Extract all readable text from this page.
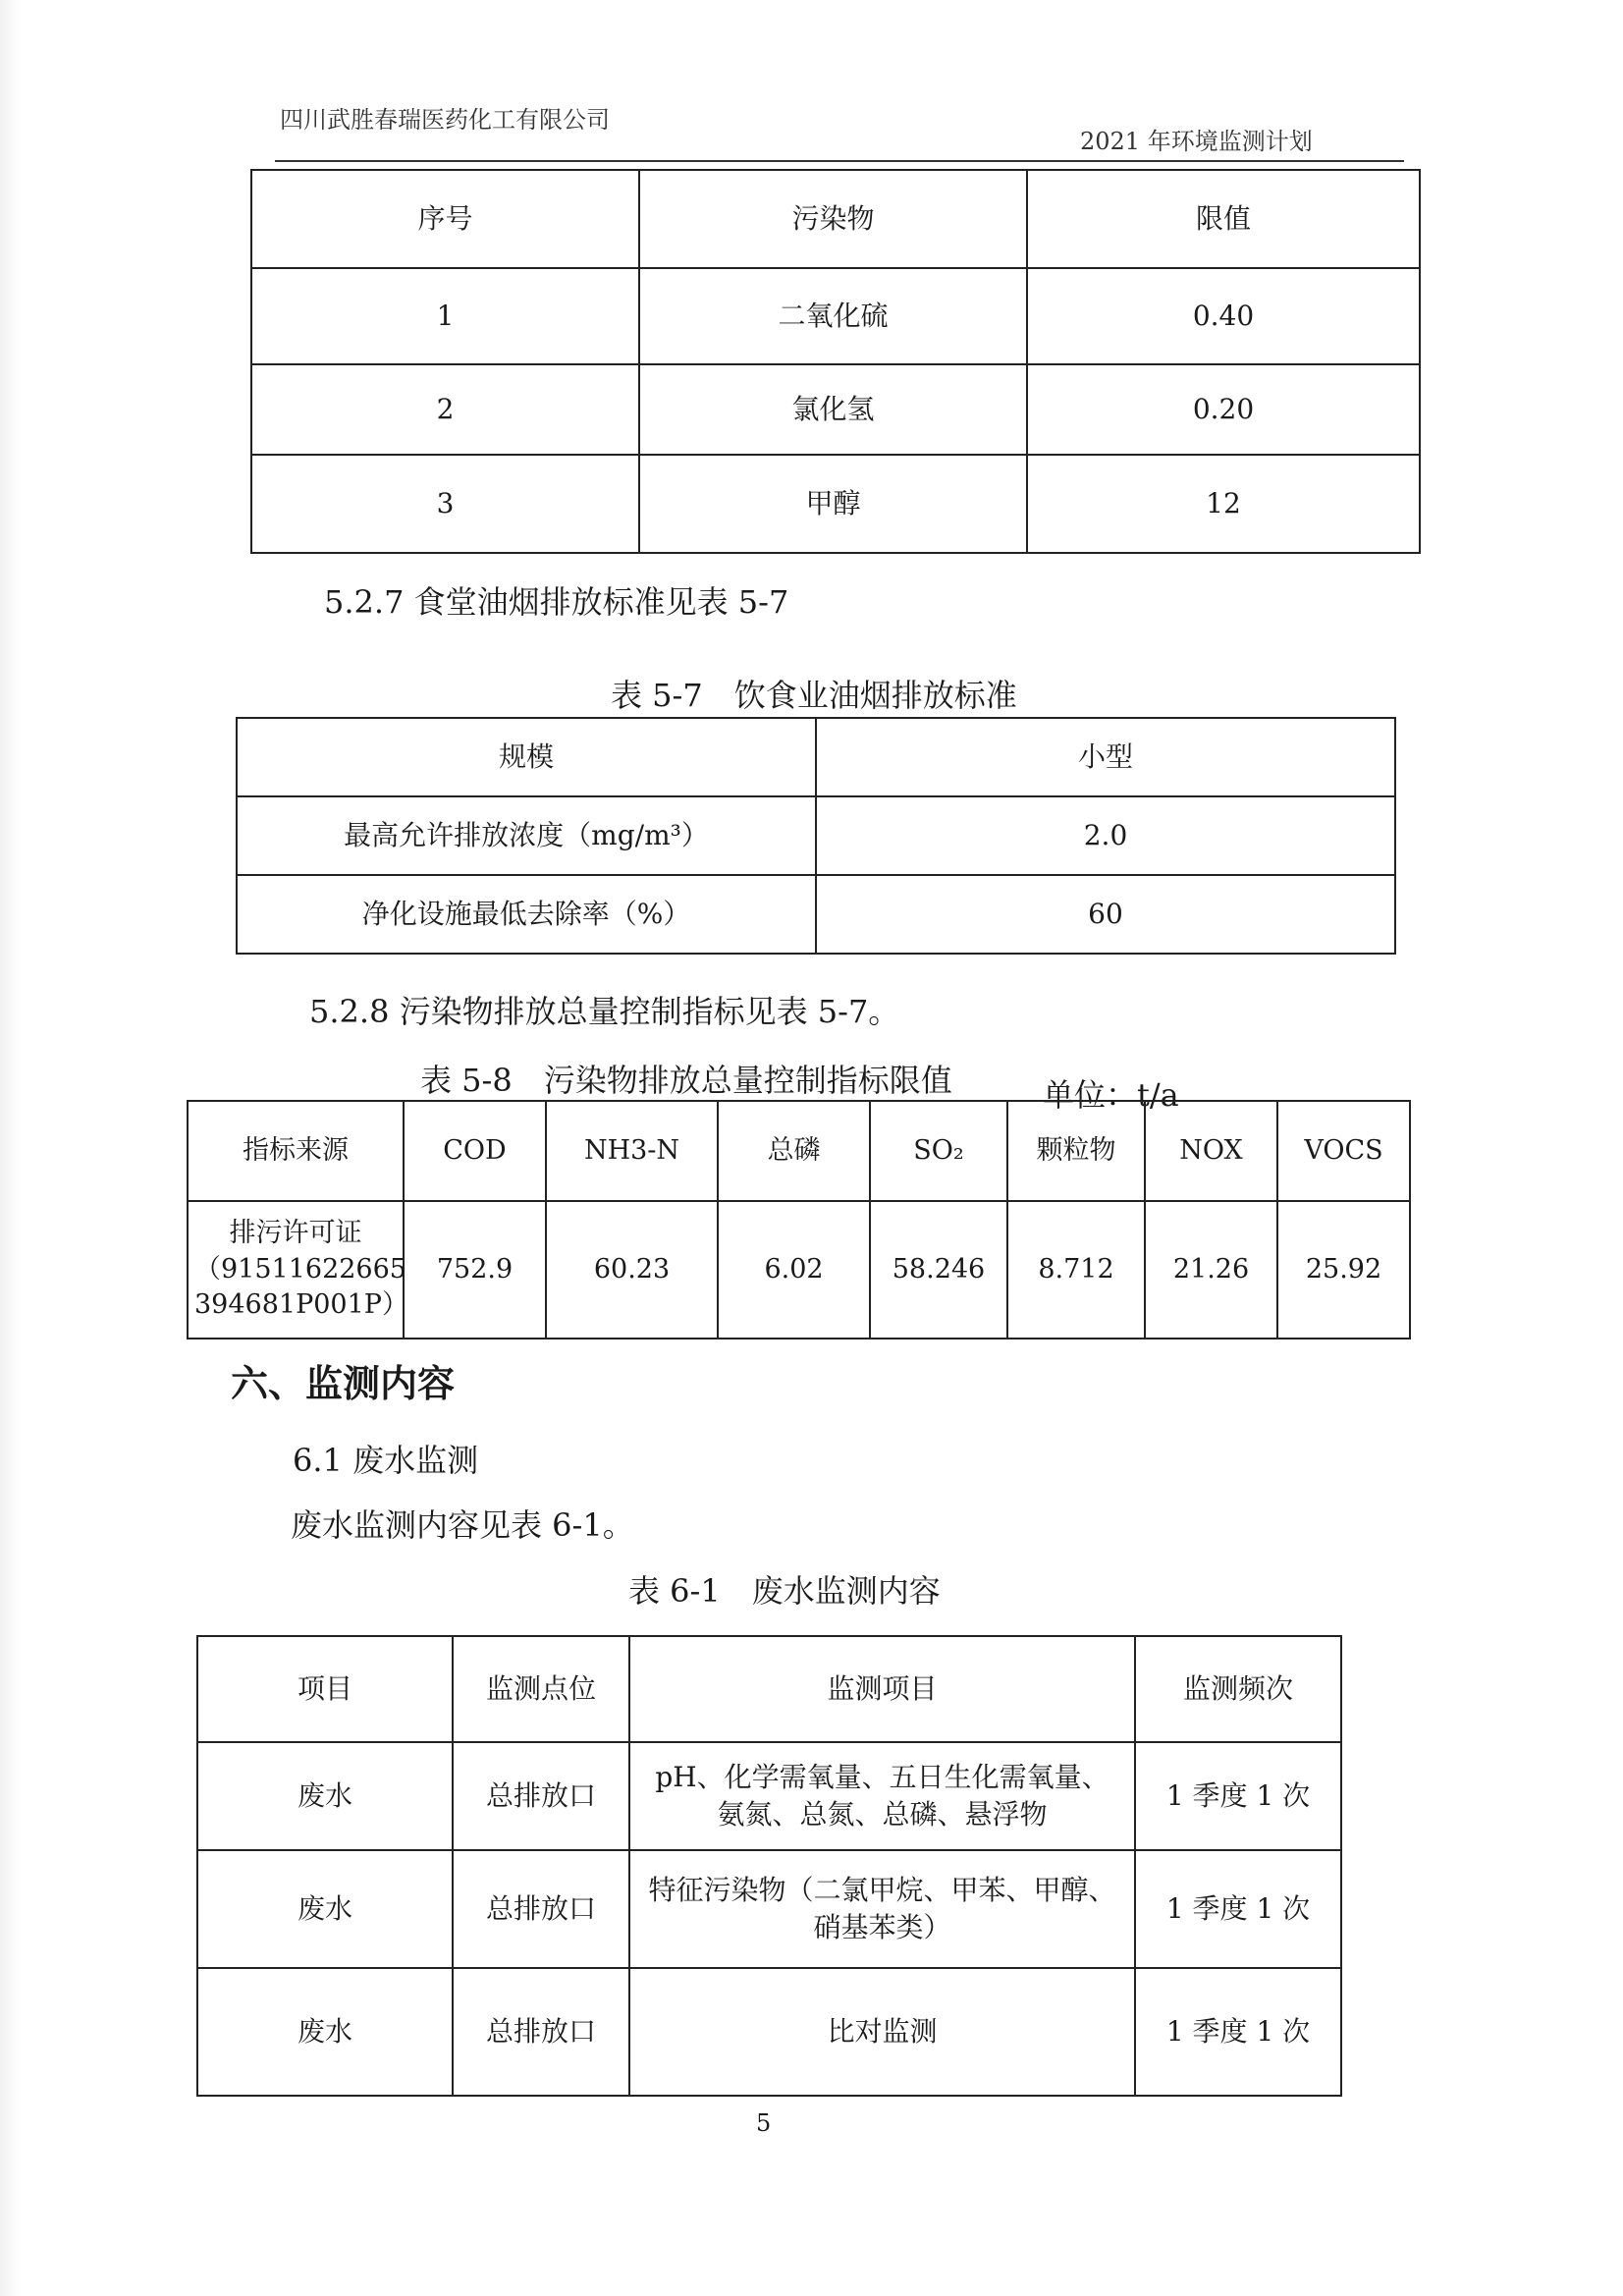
四川武胜春瑞医药化工有限公司
2021 年环境监测计划
序号	污染物	限值
1	二氧化硫	0.40
2	氯化氢	0.20
3	甲醇	12
5.2.7 食堂油烟排放标准见表 5-7
表 5-7　饮食业油烟排放标准
规模	小型
最高允许排放浓度（mg/m³）	2.0
净化设施最低去除率（%）	60
5.2.8 污染物排放总量控制指标见表 5-7。
表 5-8　污染物排放总量控制指标限值	单位：t/a
指标来源	COD	NH3-N	总磷	SO₂	颗粒物	NOX	VOCS

排污许可证
（91511622665
394681P001P）	752.9	60.23	6.02	58.246	8.712	21.26	25.92
六、监测内容
6.1 废水监测
废水监测内容见表 6-1。
表 6-1　废水监测内容
项目	监测点位	监测项目	监测频次
废水	总排放口	pH、化学需氧量、五日生化需氧量、
氨氮、总氮、总磷、悬浮物	1 季度 1 次
废水	总排放口	特征污染物（二氯甲烷、甲苯、甲醇、
硝基苯类）	1 季度 1 次
废水	总排放口	比对监测	1 季度 1 次
5
